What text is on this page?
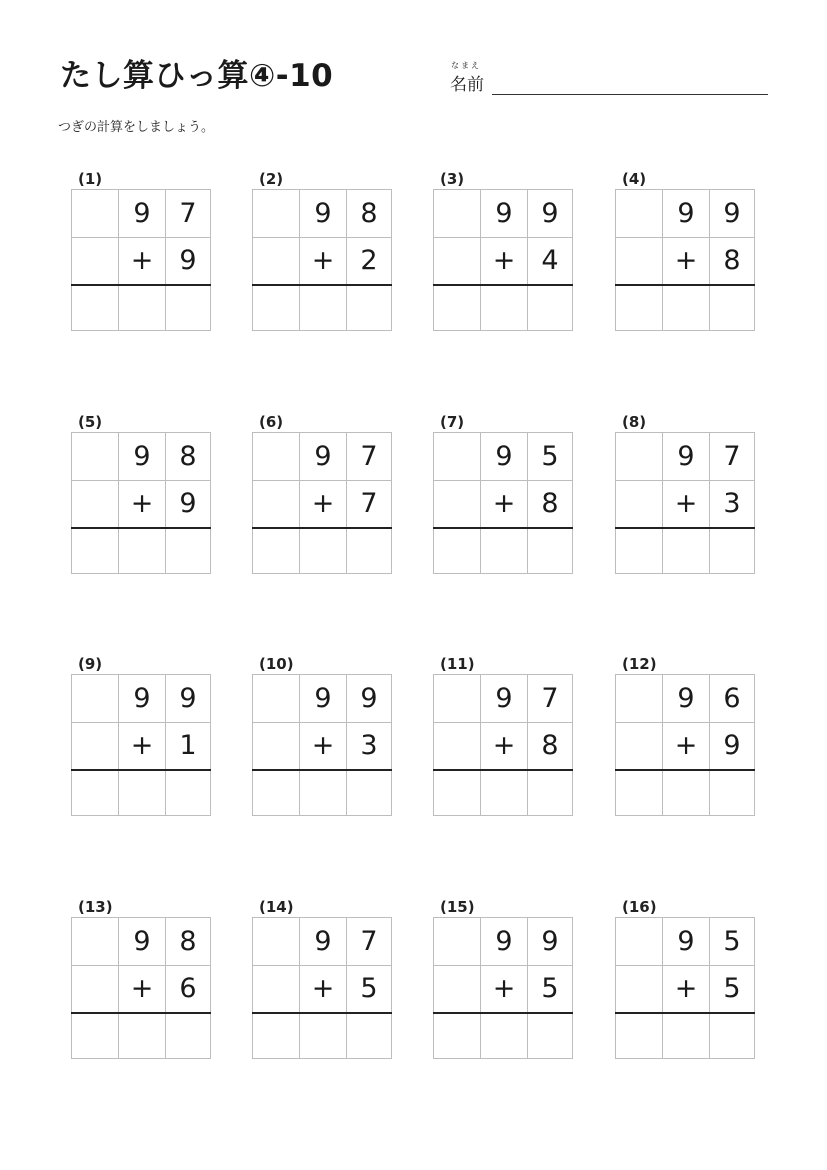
たし算ひっ算④-10	なまえ
名前
つぎの計算をしましょう。
(1)
9	7
+ 9
(2)
9	8
+ 2
(3)
9	9
+ 4
(4)
9	9
+ 8
(5)
9	8
+ 9
(6)
9	7
+ 7
(7)
9	5
+ 8
(8)
9	7
+ 3
(9)
9	9
+ 1
(10)
9	9
+ 3
(11)
9	7
+ 8
(12)
9	6
+ 9
(13)
9	8
+ 6
(14)
9	7
+ 5
(15)
9	9
+ 5
(16)
9	5
+ 5
